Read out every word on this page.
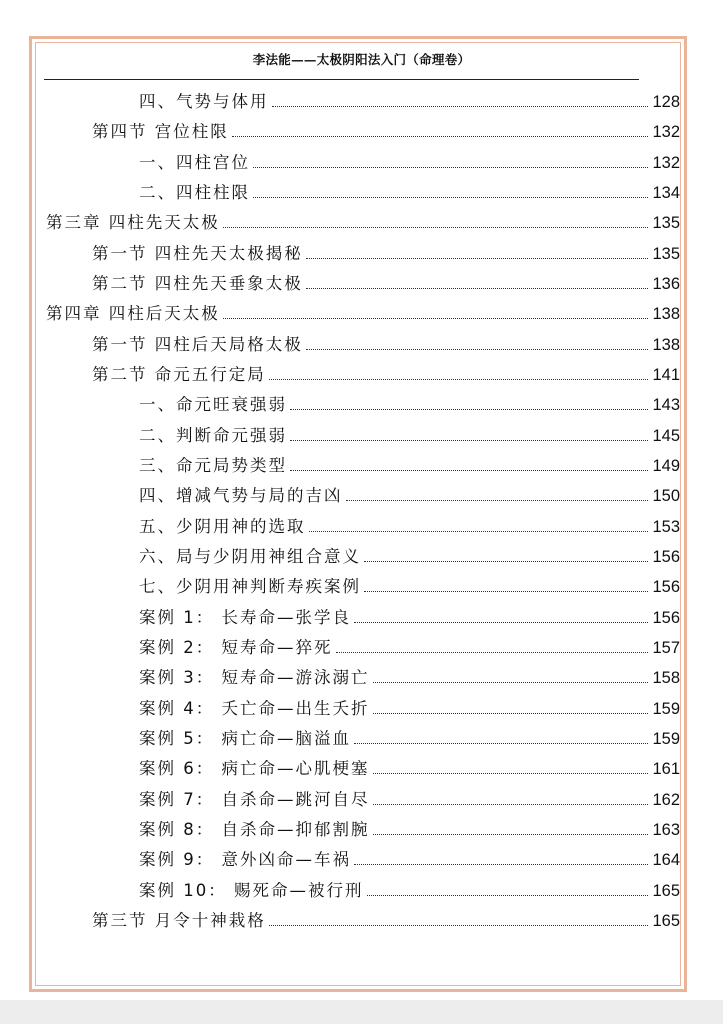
李法能——太极阴阳法入门（命理卷）
四、气势与体用	128
第四节 宫位柱限	132
一、四柱宫位	132
二、四柱柱限	134
第三章 四柱先天太极	135
第一节 四柱先天太极揭秘	135
第二节 四柱先天垂象太极	136
第四章 四柱后天太极	138
第一节 四柱后天局格太极	138
第二节 命元五行定局	141
一、命元旺衰强弱	143
二、判断命元强弱	145
三、命元局势类型	149
四、增减气势与局的吉凶	150
五、少阴用神的选取	153
六、局与少阴用神组合意义	156
七、少阴用神判断寿疾案例	156
案例 1： 长寿命—张学良	156
案例 2： 短寿命—猝死	157
案例 3： 短寿命—游泳溺亡	158
案例 4： 夭亡命—出生夭折	159
案例 5： 病亡命—脑溢血	159
案例 6： 病亡命—心肌梗塞	161
案例 7： 自杀命—跳河自尽	162
案例 8： 自杀命—抑郁割腕	163
案例 9： 意外凶命—车祸	164
案例 10： 赐死命—被行刑	165
第三节 月令十神栽格	165
